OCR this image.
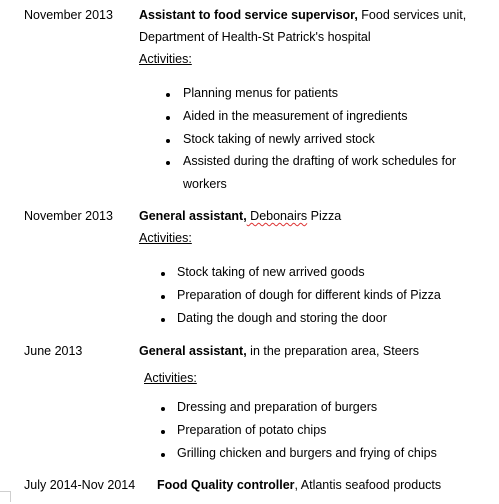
November 2013 Assistant to food service supervisor, Food services unit,
Department of Health-St Patrick's hospital
Activities:
Planning menus for patients
Aided in the measurement of ingredients
Stock taking of newly arrived stock
Assisted during the drafting of work schedules for
workers
November 2013 General assistant, Debonairs Pizza
Activities:
Stock taking of new arrived goods
Preparation of dough for different kinds of Pizza
Dating the dough and storing the door
June 2013	General assistant, in the preparation area, Steers
Activities:
Dressing and preparation of burgers
Preparation of potato chips
Grilling chicken and burgers and frying of chips
July 2014-Nov 2014 Food Quality controller, Atlantis seafood products
